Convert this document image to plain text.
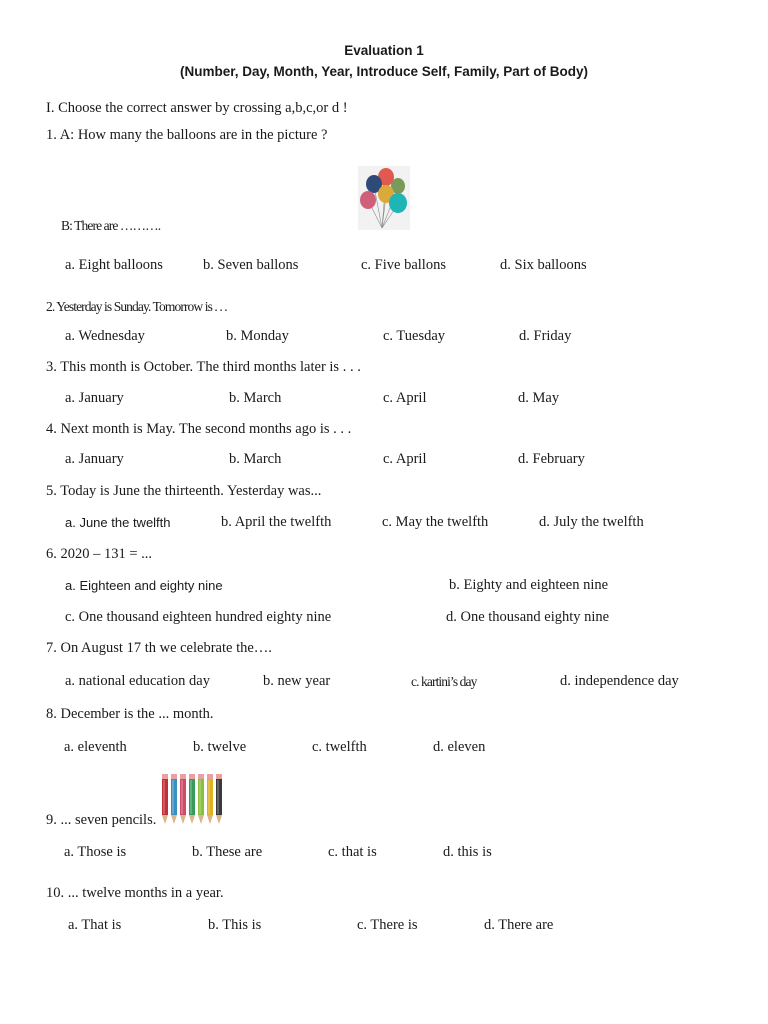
Evaluation 1
(Number, Day, Month, Year, Introduce Self, Family, Part of Body)
I. Choose the correct answer by crossing a,b,c,or d !
1. A: How many the balloons are in the picture ?
B: There are ……….
a. Eight balloons	b. Seven ballons	c. Five ballons	d. Six balloons
2. Yesterday is Sunday. Tomorrow is . . .
a. Wednesday	b. Monday	c. Tuesday	d. Friday
3. This month is October. The third months later is . . .
a. January	b. March	c. April	d. May
4. Next month is May. The second months ago is . . .
a. January	b. March	c. April	d. February
5. Today is June the thirteenth. Yesterday was...
a. June the twelfth	b. April the twelfth	c. May the twelfth	d. July the twelfth
6. 2020 – 131 = ...
a. Eighteen and eighty nine	b. Eighty and eighteen nine
c. One thousand eighteen hundred eighty nine	d. One thousand eighty nine
7. On August 17 th we celebrate the….
a. national education day	b. new year	c. kartini’s day	d. independence day
8. December is the ... month.
a. eleventh	b. twelve	c. twelfth	d. eleven
9. ... seven pencils.
a. Those is	b. These are	c. that is	d. this is
10. ... twelve months in a year.
a. That is	b. This is	c. There is	d. There are
